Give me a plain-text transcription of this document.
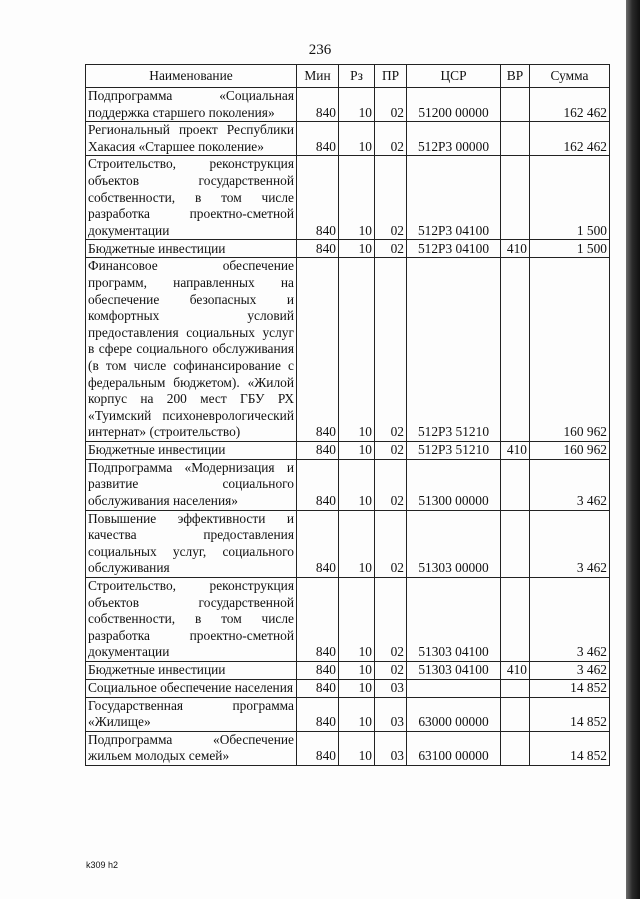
236
Наименование	Мин	Рз	ПР	ЦСР	ВР	Сумма
Подпрограмма «Социальная поддержка старшего поколения»	840	10	02	51200 00000		162 462
Региональный проект Республики Хакасия «Старшее поколение»	840	10	02	512P3 00000		162 462
Строительство, реконструкция объектов государственной собственности, в том числе разработка проектно-сметной документации	840	10	02	512P3 04100		1 500
Бюджетные инвестиции	840	10	02	512P3 04100	410	1 500
Финансовое обеспечение программ, направленных на обеспечение безопасных и комфортных условий предоставления социальных услуг в сфере социального обслуживания (в том числе софинансирование с федеральным бюджетом). «Жилой корпус на 200 мест ГБУ РХ «Туимский психоневрологический интернат» (строительство)	840	10	02	512P3 51210		160 962
Бюджетные инвестиции	840	10	02	512P3 51210	410	160 962
Подпрограмма «Модернизация и развитие социального обслуживания населения»	840	10	02	51300 00000		3 462
Повышение эффективности и качества предоставления социальных услуг, социального обслуживания	840	10	02	51303 00000		3 462
Строительство, реконструкция объектов государственной собственности, в том числе разработка проектно-сметной документации	840	10	02	51303 04100		3 462
Бюджетные инвестиции	840	10	02	51303 04100	410	3 462
Социальное обеспечение населения	840	10	03			14 852
Государственная программа «Жилище»	840	10	03	63000 00000		14 852
Подпрограмма «Обеспечение жильем молодых семей»	840	10	03	63100 00000		14 852
k309 h2
